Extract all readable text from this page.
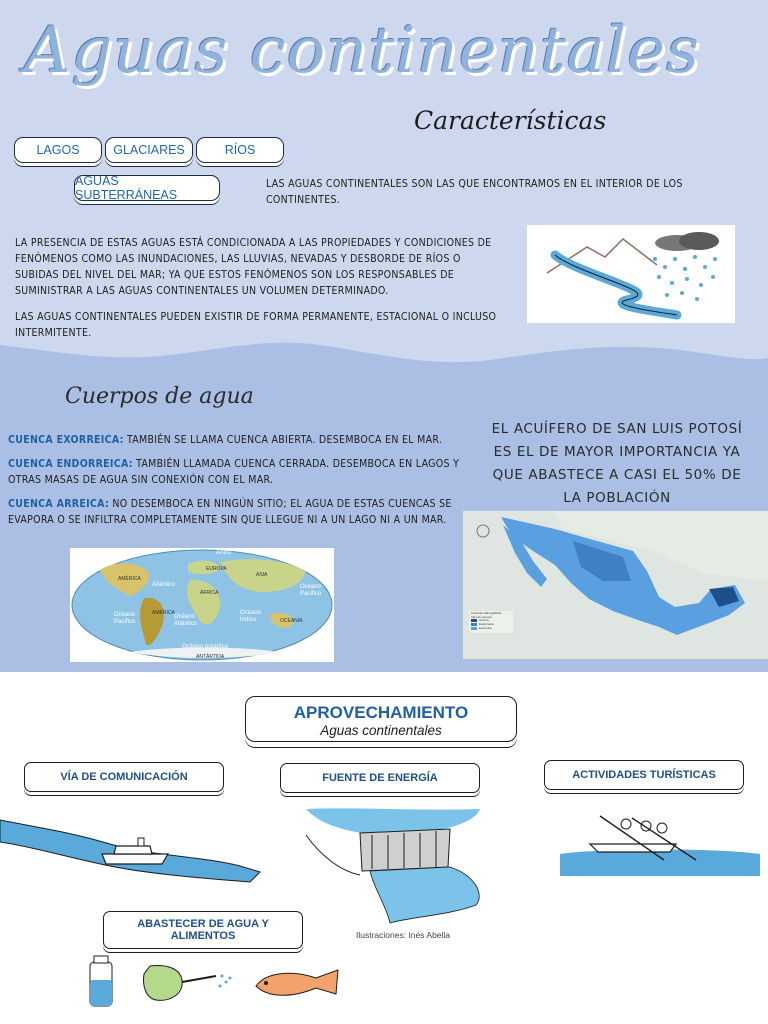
Aguas continentales
Características
LAGOS	GLACIARES	RÍOS
AGUAS SUBTERRÁNEAS
LAS AGUAS CONTINENTALES SON LAS QUE ENCONTRAMOS EN EL INTERIOR DE LOS CONTINENTES.
LA PRESENCIA DE ESTAS AGUAS ESTÁ CONDICIONADA A LAS PROPIEDADES Y CONDICIONES DE FENÓMENOS COMO LAS INUNDACIONES, LAS LLUVIAS, NEVADAS Y DESBORDE DE RÍOS O SUBIDAS DEL NIVEL DEL MAR; YA QUE ESTOS FENÓMENOS SON LOS RESPONSABLES DE SUMINISTRAR A LAS AGUAS CONTINENTALES UN VOLUMEN DETERMINADO.
LAS AGUAS CONTINENTALES PUEDEN EXISTIR DE FORMA PERMANENTE, ESTACIONAL O INCLUSO INTERMITENTE.
Cuerpos de agua
CUENCA EXORREICA: TAMBIÉN SE LLAMA CUENCA ABIERTA. DESEMBOCA EN EL MAR.
CUENCA ENDORREICA: TAMBIÉN LLAMADA CUENCA CERRADA. DESEMBOCA EN LAGOS Y OTRAS MASAS DE AGUA SIN CONEXIÓN CON EL MAR.
CUENCA ARREICA: NO DESEMBOCA EN NINGÚN SITIO; EL AGUA DE ESTAS CUENCAS SE EVAPORA O SE INFILTRA COMPLETAMENTE SIN QUE LLEGUE NI A UN LAGO NI A UN MAR.
EL ACUÍFERO DE SAN LUIS POTOSÍ ES EL DE MAYOR IMPORTANCIA YA QUE ABASTECE A CASI EL 50% DE LA POBLACIÓN
Ártico
EUROPA
ASIA
AMÉRICA
Atlántico
ÁFRICA
Océano Pacífico
AMÉRICA
Océano Pacífico
Océano Atlántico
Océano Índico	OCEANÍA
Océano Antártico
ANTÁRTIDA
Cuencas Hidrográficas
Tipo de cuenca
Arreica
Endorreica
Exorreica
APROVECHAMIENTO
Aguas continentales
VÍA DE COMUNICACIÓN	FUENTE DE ENERGÍA	ACTIVIDADES TURÍSTICAS
ABASTECER DE AGUA Y ALIMENTOS	Ilustraciones: Inés Abella
